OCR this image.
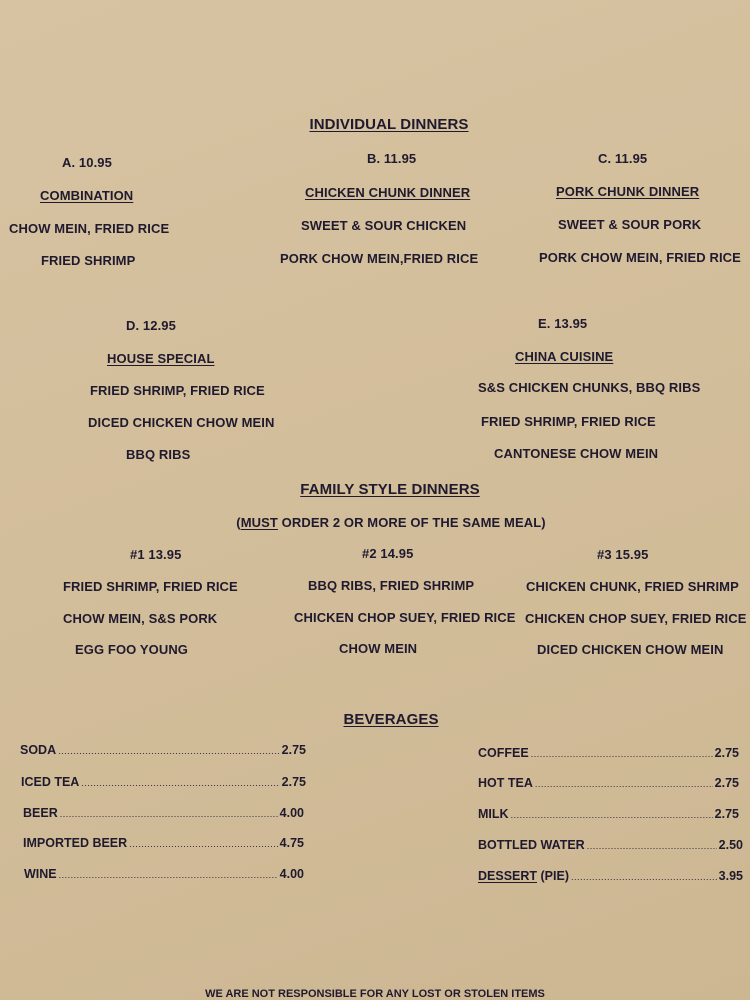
INDIVIDUAL DINNERS
A. 10.95
COMBINATION
CHOW MEIN, FRIED RICE
FRIED SHRIMP
B. 11.95
CHICKEN CHUNK DINNER
SWEET & SOUR CHICKEN
PORK CHOW MEIN,FRIED RICE
C. 11.95
PORK CHUNK DINNER
SWEET & SOUR PORK
PORK CHOW MEIN, FRIED RICE
D. 12.95
HOUSE SPECIAL
FRIED SHRIMP, FRIED RICE
DICED CHICKEN CHOW MEIN
BBQ RIBS
E. 13.95
CHINA CUISINE
S&S CHICKEN CHUNKS, BBQ RIBS
FRIED SHRIMP, FRIED RICE
CANTONESE CHOW MEIN
FAMILY STYLE DINNERS
(MUST ORDER 2 OR MORE OF THE SAME MEAL)
#1 13.95
FRIED SHRIMP, FRIED RICE
CHOW MEIN, S&S PORK
EGG FOO YOUNG
#2 14.95
BBQ RIBS, FRIED SHRIMP
CHICKEN CHOP SUEY, FRIED RICE
CHOW MEIN
#3 15.95
CHICKEN CHUNK, FRIED SHRIMP
CHICKEN CHOP SUEY, FRIED RICE
DICED CHICKEN CHOW MEIN
BEVERAGES
SODA .....	2.75
ICED TEA .....	2.75
BEER .....	4.00
IMPORTED BEER .....	4.75
WINE .....	4.00
COFFEE .....	2.75
HOT TEA .....	2.75
MILK .....	2.75
BOTTLED WATER .....	2.50
DESSERT (PIE) .....	3.95
WE ARE NOT RESPONSIBLE FOR ANY LOST OR STOLEN ITEMS
